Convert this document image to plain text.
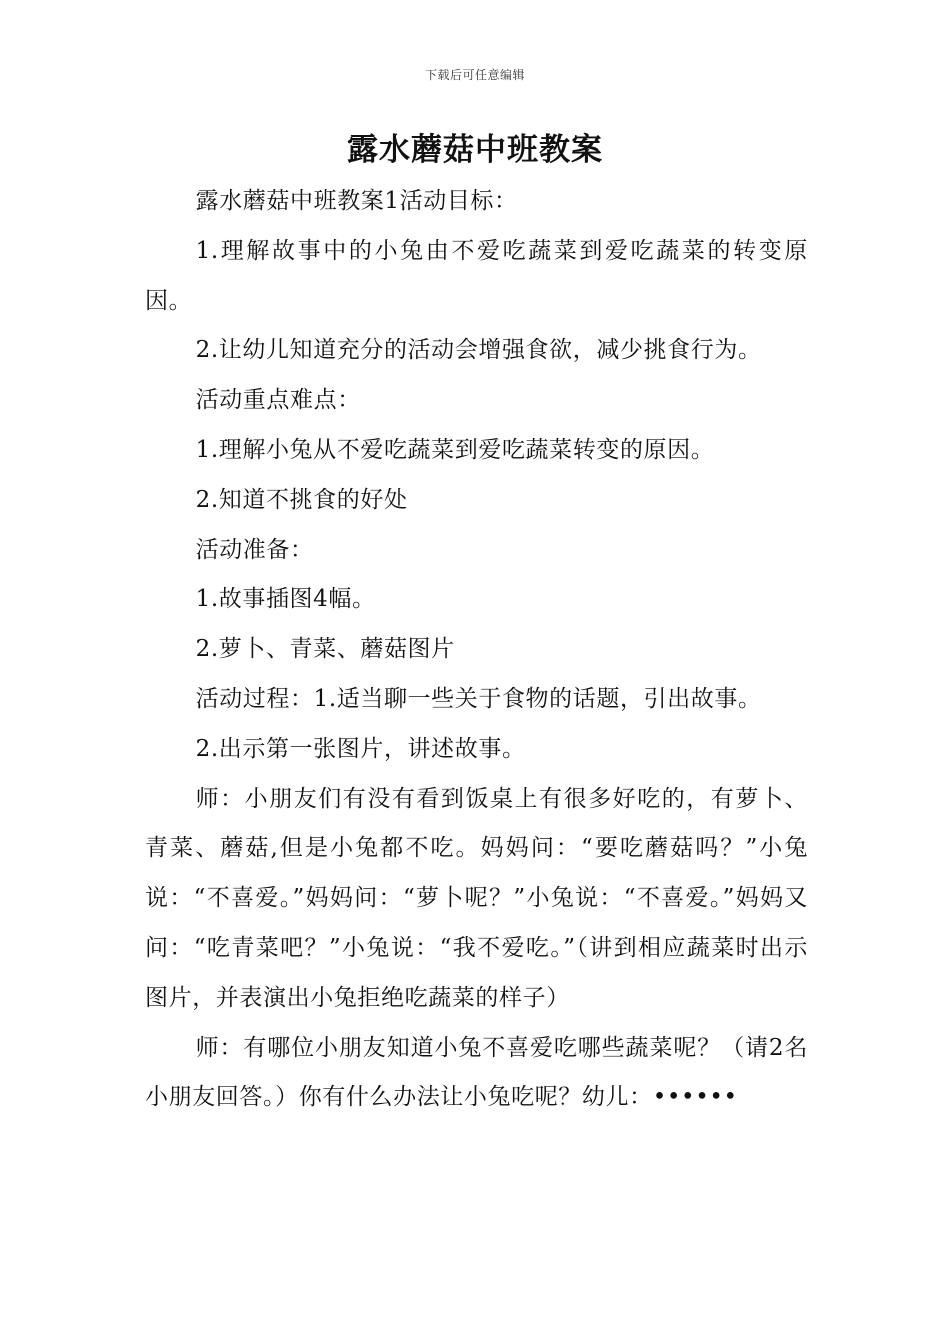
下载后可任意编辑
露水蘑菇中班教案

露水蘑菇中班教案1活动目标：

1.理解故事中的小兔由不爱吃蔬菜到爱吃蔬菜的转变原因。

2.让幼儿知道充分的活动会增强食欲，减少挑食行为。

活动重点难点：

1.理解小兔从不爱吃蔬菜到爱吃蔬菜转变的原因。

2.知道不挑食的好处

活动准备：

1.故事插图4幅。

2.萝卜、青菜、蘑菇图片

活动过程：1.适当聊一些关于食物的话题，引出故事。

2.出示第一张图片，讲述故事。

师：小朋友们有没有看到饭桌上有很多好吃的，有萝卜、青菜、蘑菇,但是小兔都不吃。妈妈问：“要吃蘑菇吗？”小兔说：“不喜爱。”妈妈问：“萝卜呢？”小兔说：“不喜爱。”妈妈又问：“吃青菜吧？”小兔说：“我不爱吃。”（讲到相应蔬菜时出示图片，并表演出小兔拒绝吃蔬菜的样子）

师：有哪位小朋友知道小兔不喜爱吃哪些蔬菜呢？（请2名小朋友回答。）你有什么办法让小兔吃呢？幼儿：••••••
